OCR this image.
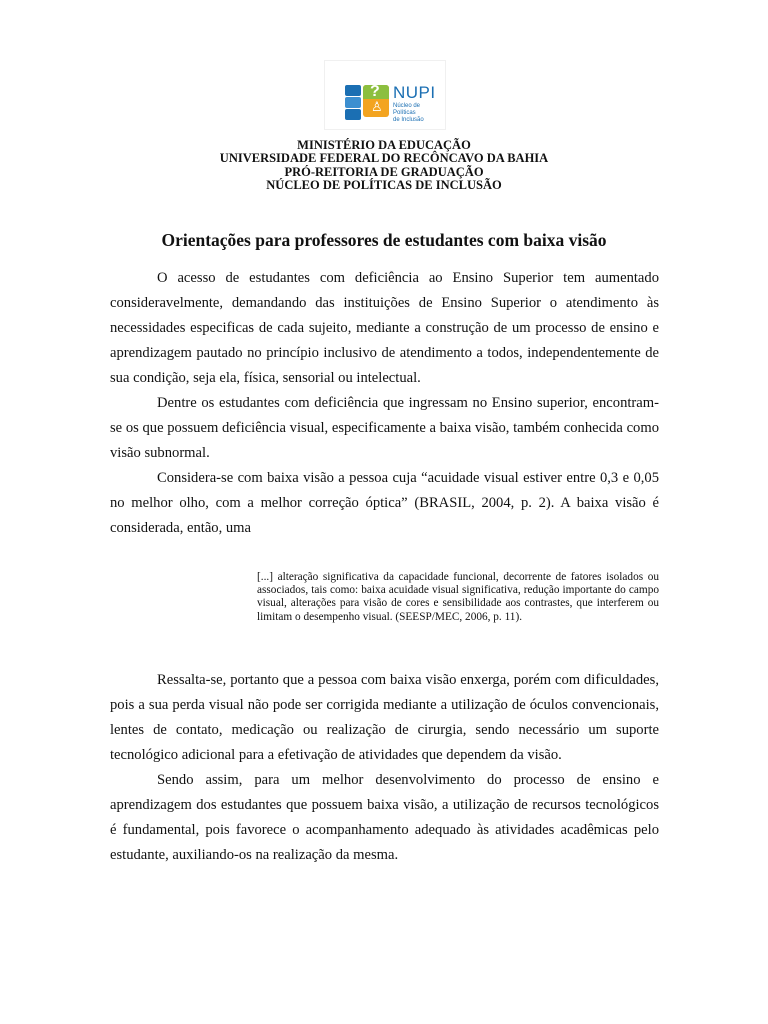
?
♙
NUPI
Núcleo de Políticas
de Inclusão
MINISTÉRIO DA EDUCAÇÃO
UNIVERSIDADE FEDERAL DO RECÔNCAVO DA BAHIA
PRÓ-REITORIA DE GRADUAÇÃO
NÚCLEO DE POLÍTICAS DE INCLUSÃO
Orientações para professores de estudantes com baixa visão

O acesso de estudantes com deficiência ao Ensino Superior tem aumentado consideravelmente, demandando das instituições de Ensino Superior o atendimento às necessidades especificas de cada sujeito, mediante a construção de um processo de ensino e aprendizagem pautado no princípio inclusivo de atendimento a todos, independentemente de sua condição, seja ela, física, sensorial ou intelectual.

Dentre os estudantes com deficiência que ingressam no Ensino superior, encontram-se os que possuem deficiência visual, especificamente a baixa visão, também conhecida como visão subnormal.

Considera-se com baixa visão a pessoa cuja “acuidade visual estiver entre 0,3 e 0,05 no melhor olho, com a melhor correção óptica” (BRASIL, 2004, p. 2). A baixa visão é considerada, então, uma

[...] alteração significativa da capacidade funcional, decorrente de fatores isolados ou associados, tais como: baixa acuidade visual significativa, redução importante do campo visual, alterações para visão de cores e sensibilidade aos contrastes, que interferem ou limitam o desempenho visual. (SEESP/MEC, 2006, p. 11).

Ressalta-se, portanto que a pessoa com baixa visão enxerga, porém com dificuldades, pois a sua perda visual não pode ser corrigida mediante a utilização de óculos convencionais, lentes de contato, medicação ou realização de cirurgia, sendo necessário um suporte tecnológico adicional para a efetivação de atividades que dependem da visão.

Sendo assim, para um melhor desenvolvimento do processo de ensino e aprendizagem dos estudantes que possuem baixa visão, a utilização de recursos tecnológicos é fundamental, pois favorece o acompanhamento adequado às atividades acadêmicas pelo estudante, auxiliando-os na realização da mesma.
